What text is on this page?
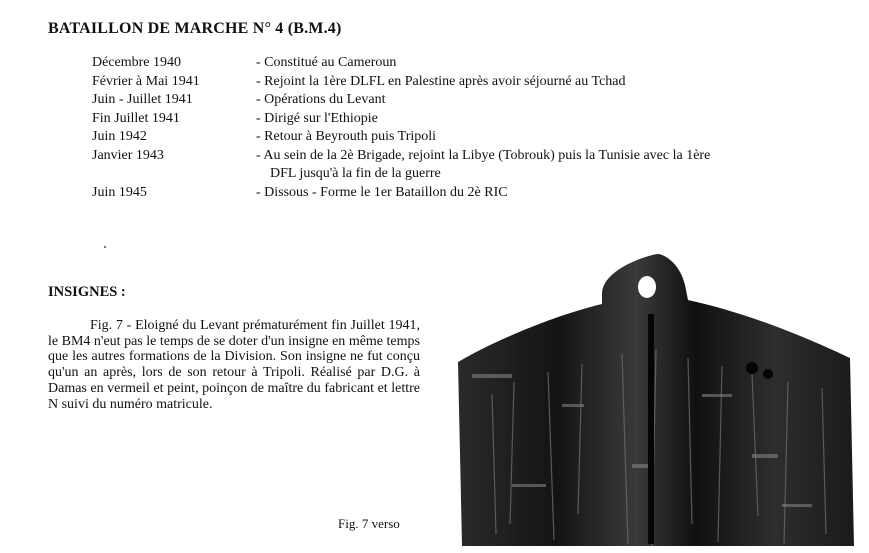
BATAILLON DE MARCHE N° 4 (B.M.4)
Décembre 1940	- Constitué au Cameroun
Février à Mai 1941	- Rejoint la 1ère DLFL en Palestine après avoir séjourné au Tchad
Juin - Juillet 1941	- Opérations du Levant
Fin Juillet 1941	- Dirigé sur l'Ethiopie
Juin 1942	- Retour à Beyrouth puis Tripoli
Janvier 1943	- Au sein de la 2è Brigade, rejoint la Libye (Tobrouk) puis la Tunisie avec la 1ère
DFL jusqu'à la fin de la guerre
Juin 1945	- Dissous - Forme le 1er Bataillon du 2è RIC
INSIGNES :
Fig. 7 - Eloigné du Levant prématurément fin Juillet 1941, le BM4 n'eut pas le temps de se doter d'un insigne en même temps que les autres formations de la Division. Son insigne ne fut conçu qu'un an après, lors de son retour à Tripoli. Réalisé par D.G. à Damas en vermeil et peint, poinçon de maître du fabricant et lettre N suivi du numéro matricule.
Fig. 7 verso
